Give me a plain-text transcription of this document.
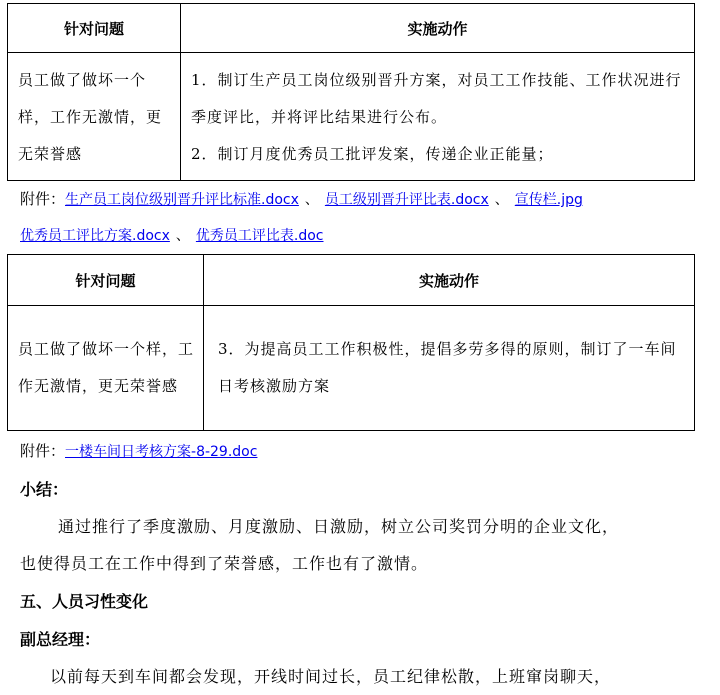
针对问题	实施动作
员工做了做坏一个样，工作无激情，更无荣誉感	1．制订生产员工岗位级别晋升方案，对员工工作技能、工作状况进行季度评比，并将评比结果进行公布。
2．制订月度优秀员工批评发案，传递企业正能量；
附件：生产员工岗位级别晋升评比标准.docx 、 员工级别晋升评比表.docx 、 宣传栏.jpg
优秀员工评比方案.docx 、 优秀员工评比表.doc
针对问题	实施动作
员工做了做坏一个样，工作无激情，更无荣誉感	3．为提高员工工作积极性，提倡多劳多得的原则，制订了一车间日考核激励方案
附件：一楼车间日考核方案-8-29.doc
小结：
通过推行了季度激励、月度激励、日激励，树立公司奖罚分明的企业文化，
也使得员工在工作中得到了荣誉感，工作也有了激情。
五、人员习性变化
副总经理：
以前每天到车间都会发现，开线时间过长，员工纪律松散，上班窜岗聊天，
